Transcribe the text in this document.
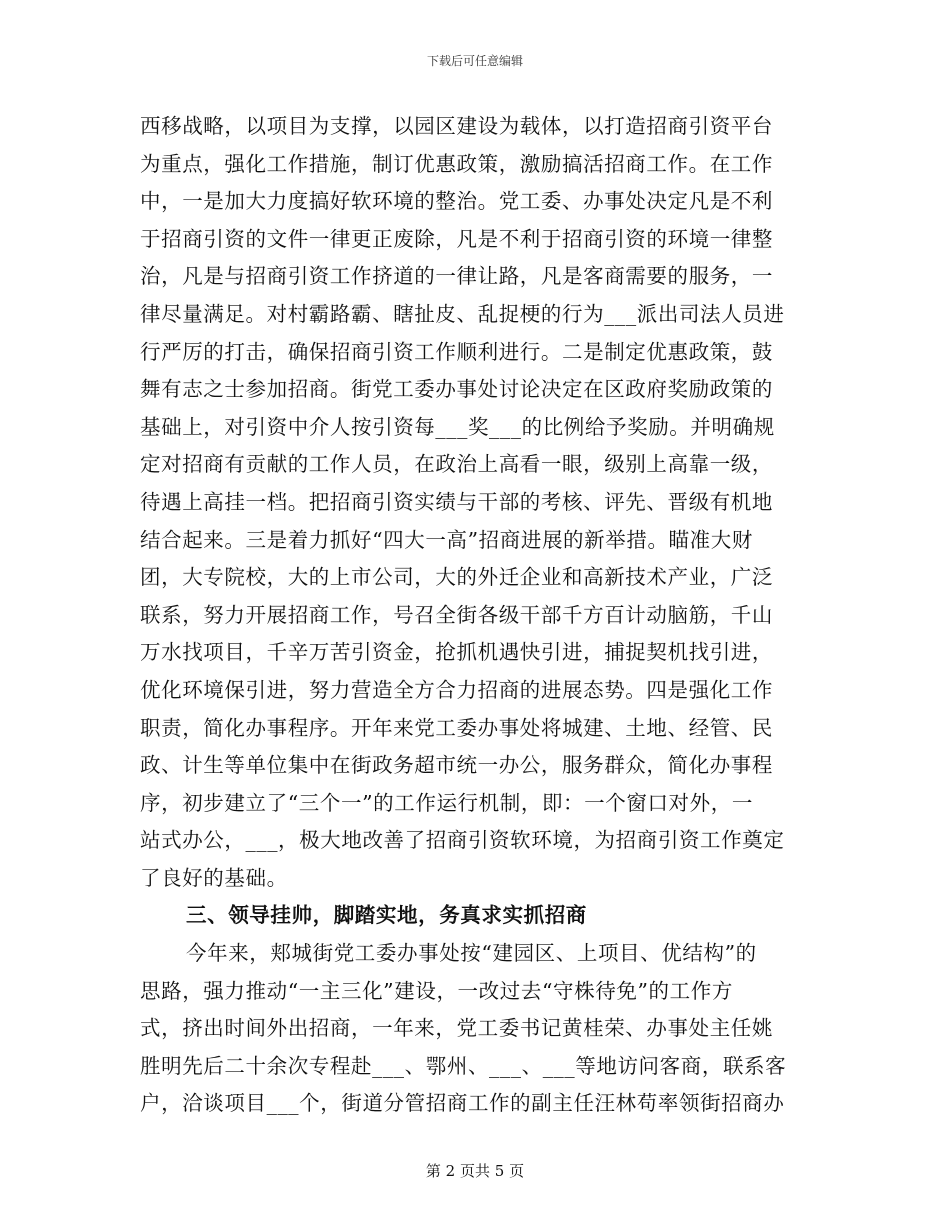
下载后可任意编辑
西移战略，以项目为支撑，以园区建设为载体，以打造招商引资平台
为重点，强化工作措施，制订优惠政策，激励搞活招商工作。在工作
中，一是加大力度搞好软环境的整治。党工委、办事处决定凡是不利
于招商引资的文件一律更正废除，凡是不利于招商引资的环境一律整
治，凡是与招商引资工作挤道的一律让路，凡是客商需要的服务，一
律尽量满足。对村霸路霸、瞎扯皮、乱捉梗的行为___派出司法人员进
行严厉的打击，确保招商引资工作顺利进行。二是制定优惠政策，鼓
舞有志之士参加招商。街党工委办事处讨论决定在区政府奖励政策的
基础上，对引资中介人按引资每___奖___的比例给予奖励。并明确规
定对招商有贡献的工作人员，在政治上高看一眼，级别上高靠一级，
待遇上高挂一档。把招商引资实绩与干部的考核、评先、晋级有机地
结合起来。三是着力抓好“四大一高”招商进展的新举措。瞄准大财
团，大专院校，大的上市公司，大的外迁企业和高新技术产业，广泛
联系，努力开展招商工作，号召全街各级干部千方百计动脑筋，千山
万水找项目，千辛万苦引资金，抢抓机遇快引进，捕捉契机找引进，
优化环境保引进，努力营造全方合力招商的进展态势。四是强化工作
职责，简化办事程序。开年来党工委办事处将城建、土地、经管、民
政、计生等单位集中在街政务超市统一办公，服务群众，简化办事程
序，初步建立了“三个一”的工作运行机制，即：一个窗口对外，一
站式办公，___，极大地改善了招商引资软环境，为招商引资工作奠定
了良好的基础。
三、领导挂帅，脚踏实地，务真求实抓招商
今年来，郏城街党工委办事处按“建园区、上项目、优结构”的
思路，强力推动“一主三化”建设，一改过去“守株待免”的工作方
式，挤出时间外出招商，一年来，党工委书记黄桂荣、办事处主任姚
胜明先后二十余次专程赴___、鄂州、___、___等地访问客商，联系客
户，洽谈项目___个，街道分管招商工作的副主任汪林苟率领街招商办
第 2 页共 5 页
